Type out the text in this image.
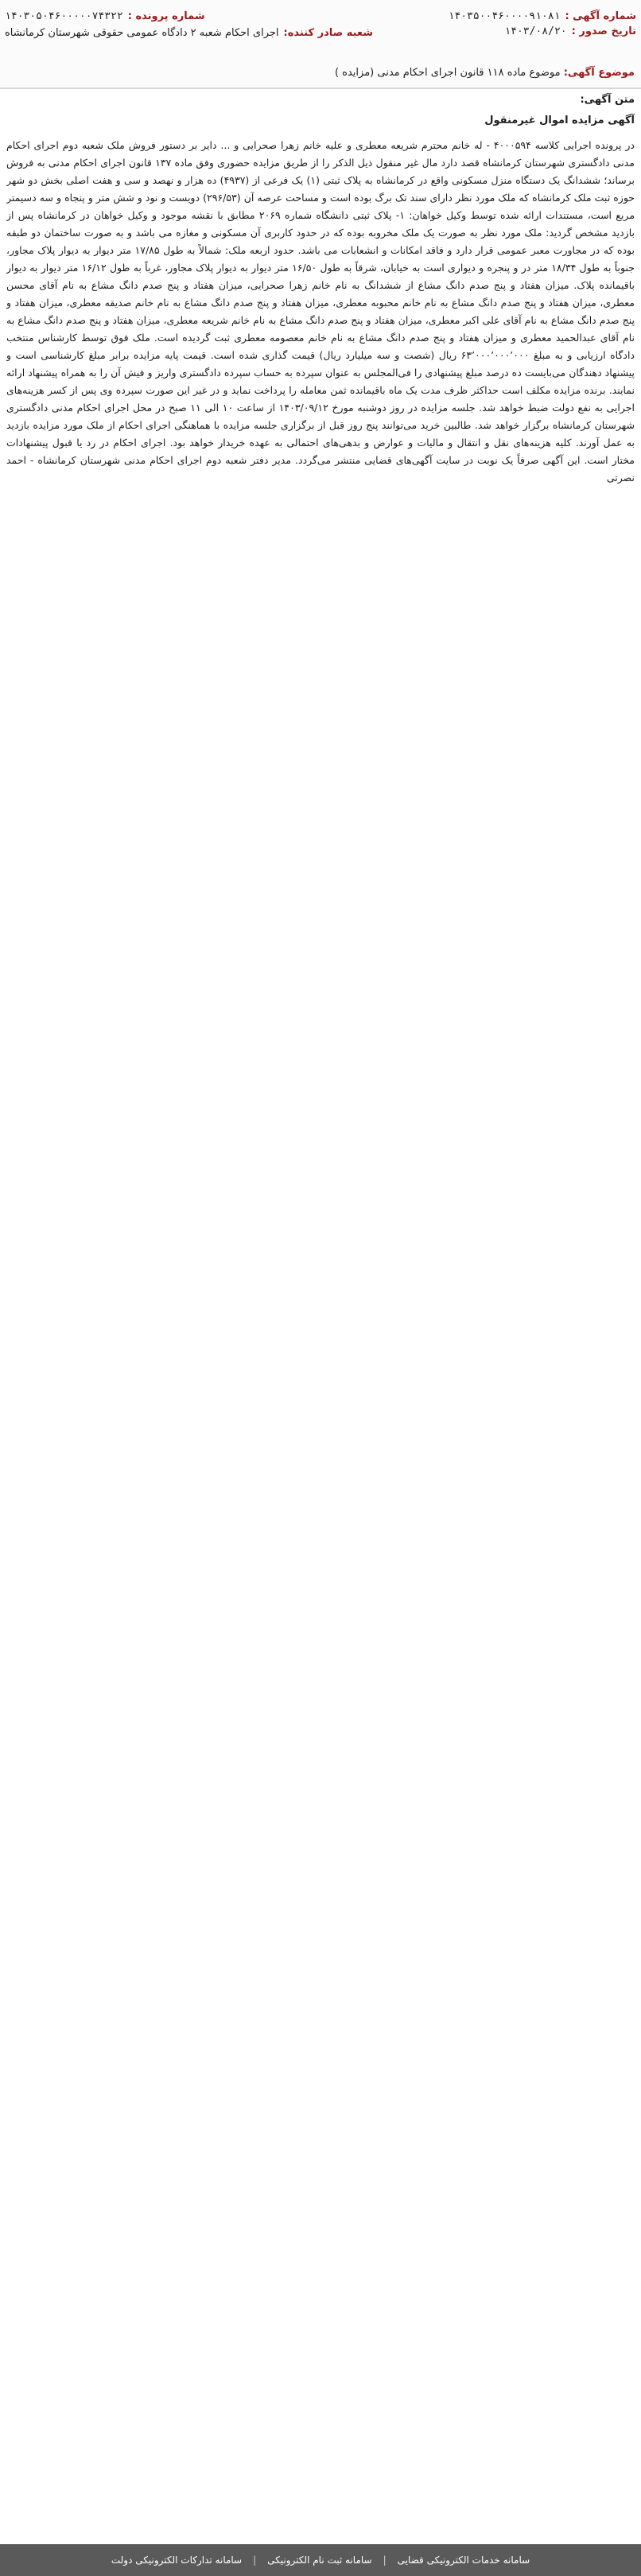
شماره آگهی :
۱۴۰۳۵۰۰۴۶۰۰۰۰۹۱۰۸۱
شماره پرونده :
۱۴۰۳۰۵۰۴۶۰۰۰۰۰۷۴۳۲۲
تاریخ صدور :
۱۴۰۳/۰۸/۲۰
شعبه صادر کننده:
اجرای احکام شعبه ۲ دادگاه عمومی حقوقی شهرستان کرمانشاه
موضوع آگهی: موضوع ماده ۱۱۸ قانون اجرای احکام مدنی (مزایده )
متن آگهی:
آگهی مزایده اموال غیرمنقول
در پرونده اجرایی کلاسه ۴۰۰۰۵۹۴ - له خانم محترم شریعه معطری و علیه خانم زهرا صحرایی و ... دایر بر دستور فروش ملک شعبه دوم اجرای احکام مدنی دادگستری شهرستان کرمانشاه قصد دارد مال غیر منقول ذیل الذکر را از طریق مزایده حضوری وفق ماده ۱۳۷ قانون اجرای احکام مدنی به فروش برساند؛ ششدانگ یک دستگاه منزل مسکونی واقع در کرمانشاه به پلاک ثبتی (۱) یک فرعی از (۴۹۳۷) ده هزار و نهصد و سی و هفت اصلی بخش دو شهر حوزه ثبت ملک کرمانشاه که ملک مورد نظر دارای سند تک برگ بوده است و مساحت عرصه آن (۲۹۶/۵۳) دویست و نود و شش متر و پنجاه و سه دسیمتر مربع است، مستندات ارائه شده توسط وکیل خواهان: ۱- پلاک ثبتی دانشگاه شماره ۲۰۶۹ مطابق با نقشه موجود و وکیل خواهان در کرمانشاه پس از بازدید مشخص گردید: ملک مورد نظر به صورت یک ملک مخروبه بوده که در حدود کاربری آن مسکونی و مغازه می باشد و به صورت ساختمان دو طبقه بوده که در مجاورت معبر عمومی قرار دارد و فاقد امکانات و انشعابات می باشد. حدود اربعه ملک: شمالاً به طول ۱۷/۸۵ متر دیوار به دیوار پلاک مجاور، جنوباً به طول ۱۸/۳۴ متر در و پنجره و دیواری است به خیابان، شرقاً به طول ۱۶/۵۰ متر دیوار به دیوار پلاک مجاور، غرباً به طول ۱۶/۱۲ متر دیوار به دیوار باقیمانده پلاک. میزان هفتاد و پنج صدم دانگ مشاع از ششدانگ به نام خانم زهرا صحرایی، میزان هفتاد و پنج صدم دانگ مشاع به نام آقای محسن معطری، میزان هفتاد و پنج صدم دانگ مشاع به نام خانم محبوبه معطری، میزان هفتاد و پنج صدم دانگ مشاع به نام خانم صدیقه معطری، میزان هفتاد و پنج صدم دانگ مشاع به نام آقای علی اکبر معطری، میزان هفتاد و پنج صدم دانگ مشاع به نام خانم شریعه معطری، میزان هفتاد و پنج صدم دانگ مشاع به نام آقای عبدالحمید معطری و میزان هفتاد و پنج صدم دانگ مشاع به نام خانم معصومه معطری ثبت گردیده است. ملک فوق توسط کارشناس منتخب دادگاه ارزیابی و به مبلغ ۶۳٬۰۰۰٬۰۰۰٬۰۰۰ ریال (شصت و سه میلیارد ریال) قیمت گذاری شده است. قیمت پایه مزایده برابر مبلغ کارشناسی است و پیشنهاد دهندگان می‌بایست ده درصد مبلغ پیشنهادی را فی‌المجلس به عنوان سپرده به حساب سپرده دادگستری واریز و فیش آن را به همراه پیشنهاد ارائه نمایند. برنده مزایده مکلف است حداکثر ظرف مدت یک ماه باقیمانده ثمن معامله را پرداخت نماید و در غیر این صورت سپرده وی پس از کسر هزینه‌های اجرایی به نفع دولت ضبط خواهد شد. جلسه مزایده در روز دوشنبه مورخ ۱۴۰۳/۰۹/۱۲ از ساعت ۱۰ الی ۱۱ صبح در محل اجرای احکام مدنی دادگستری شهرستان کرمانشاه برگزار خواهد شد. طالبین خرید می‌توانند پنج روز قبل از برگزاری جلسه مزایده با هماهنگی اجرای احکام از ملک مورد مزایده بازدید به عمل آورند. کلیه هزینه‌های نقل و انتقال و مالیات و عوارض و بدهی‌های احتمالی به عهده خریدار خواهد بود. اجرای احکام در رد یا قبول پیشنهادات مختار است. این آگهی صرفاً یک نوبت در سایت آگهی‌های قضایی منتشر می‌گردد. مدیر دفتر شعبه دوم اجرای احکام مدنی شهرستان کرمانشاه - احمد نصرتی
سامانه خدمات الکترونیکی قضایی
|
سامانه ثبت نام الکترونیکی
|
سامانه تدارکات الکترونیکی دولت
